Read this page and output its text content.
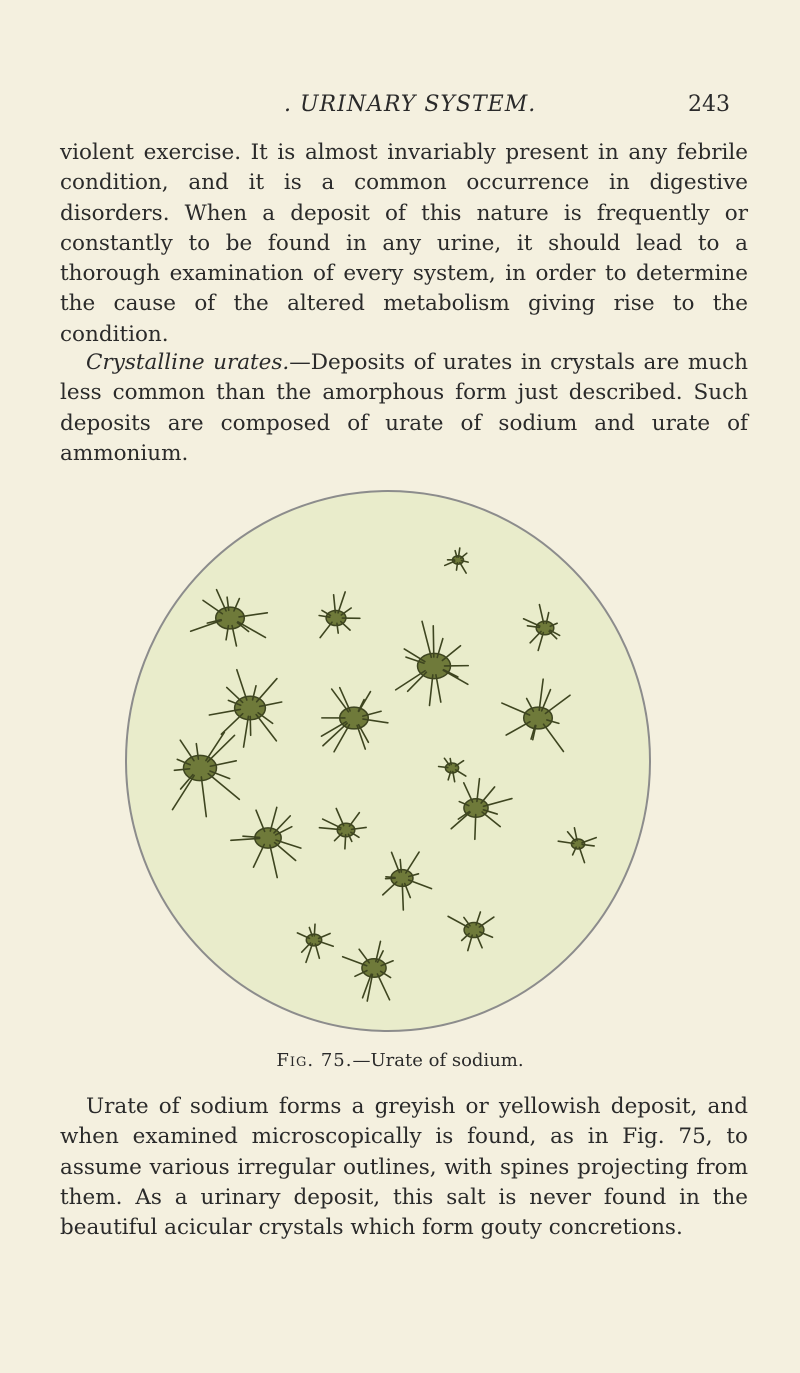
. URINARY SYSTEM.	243

violent exercise. It is almost invariably present in any febrile condition, and it is a common occurrence in digestive disorders. When a deposit of this nature is frequently or constantly to be found in any urine, it should lead to a thorough examination of every system, in order to determine the cause of the altered metabolism giving rise to the condition.

Crystalline urates.—Deposits of urates in crystals are much less common than the amorphous form just described. Such deposits are composed of urate of sodium and urate of ammonium.

Fig. 75.—Urate of sodium.

Urate of sodium forms a greyish or yellowish deposit, and when examined microscopically is found, as in Fig. 75, to assume various irregular outlines, with spines projecting from them. As a urinary deposit, this salt is never found in the beautiful acicular crystals which form gouty concretions.
